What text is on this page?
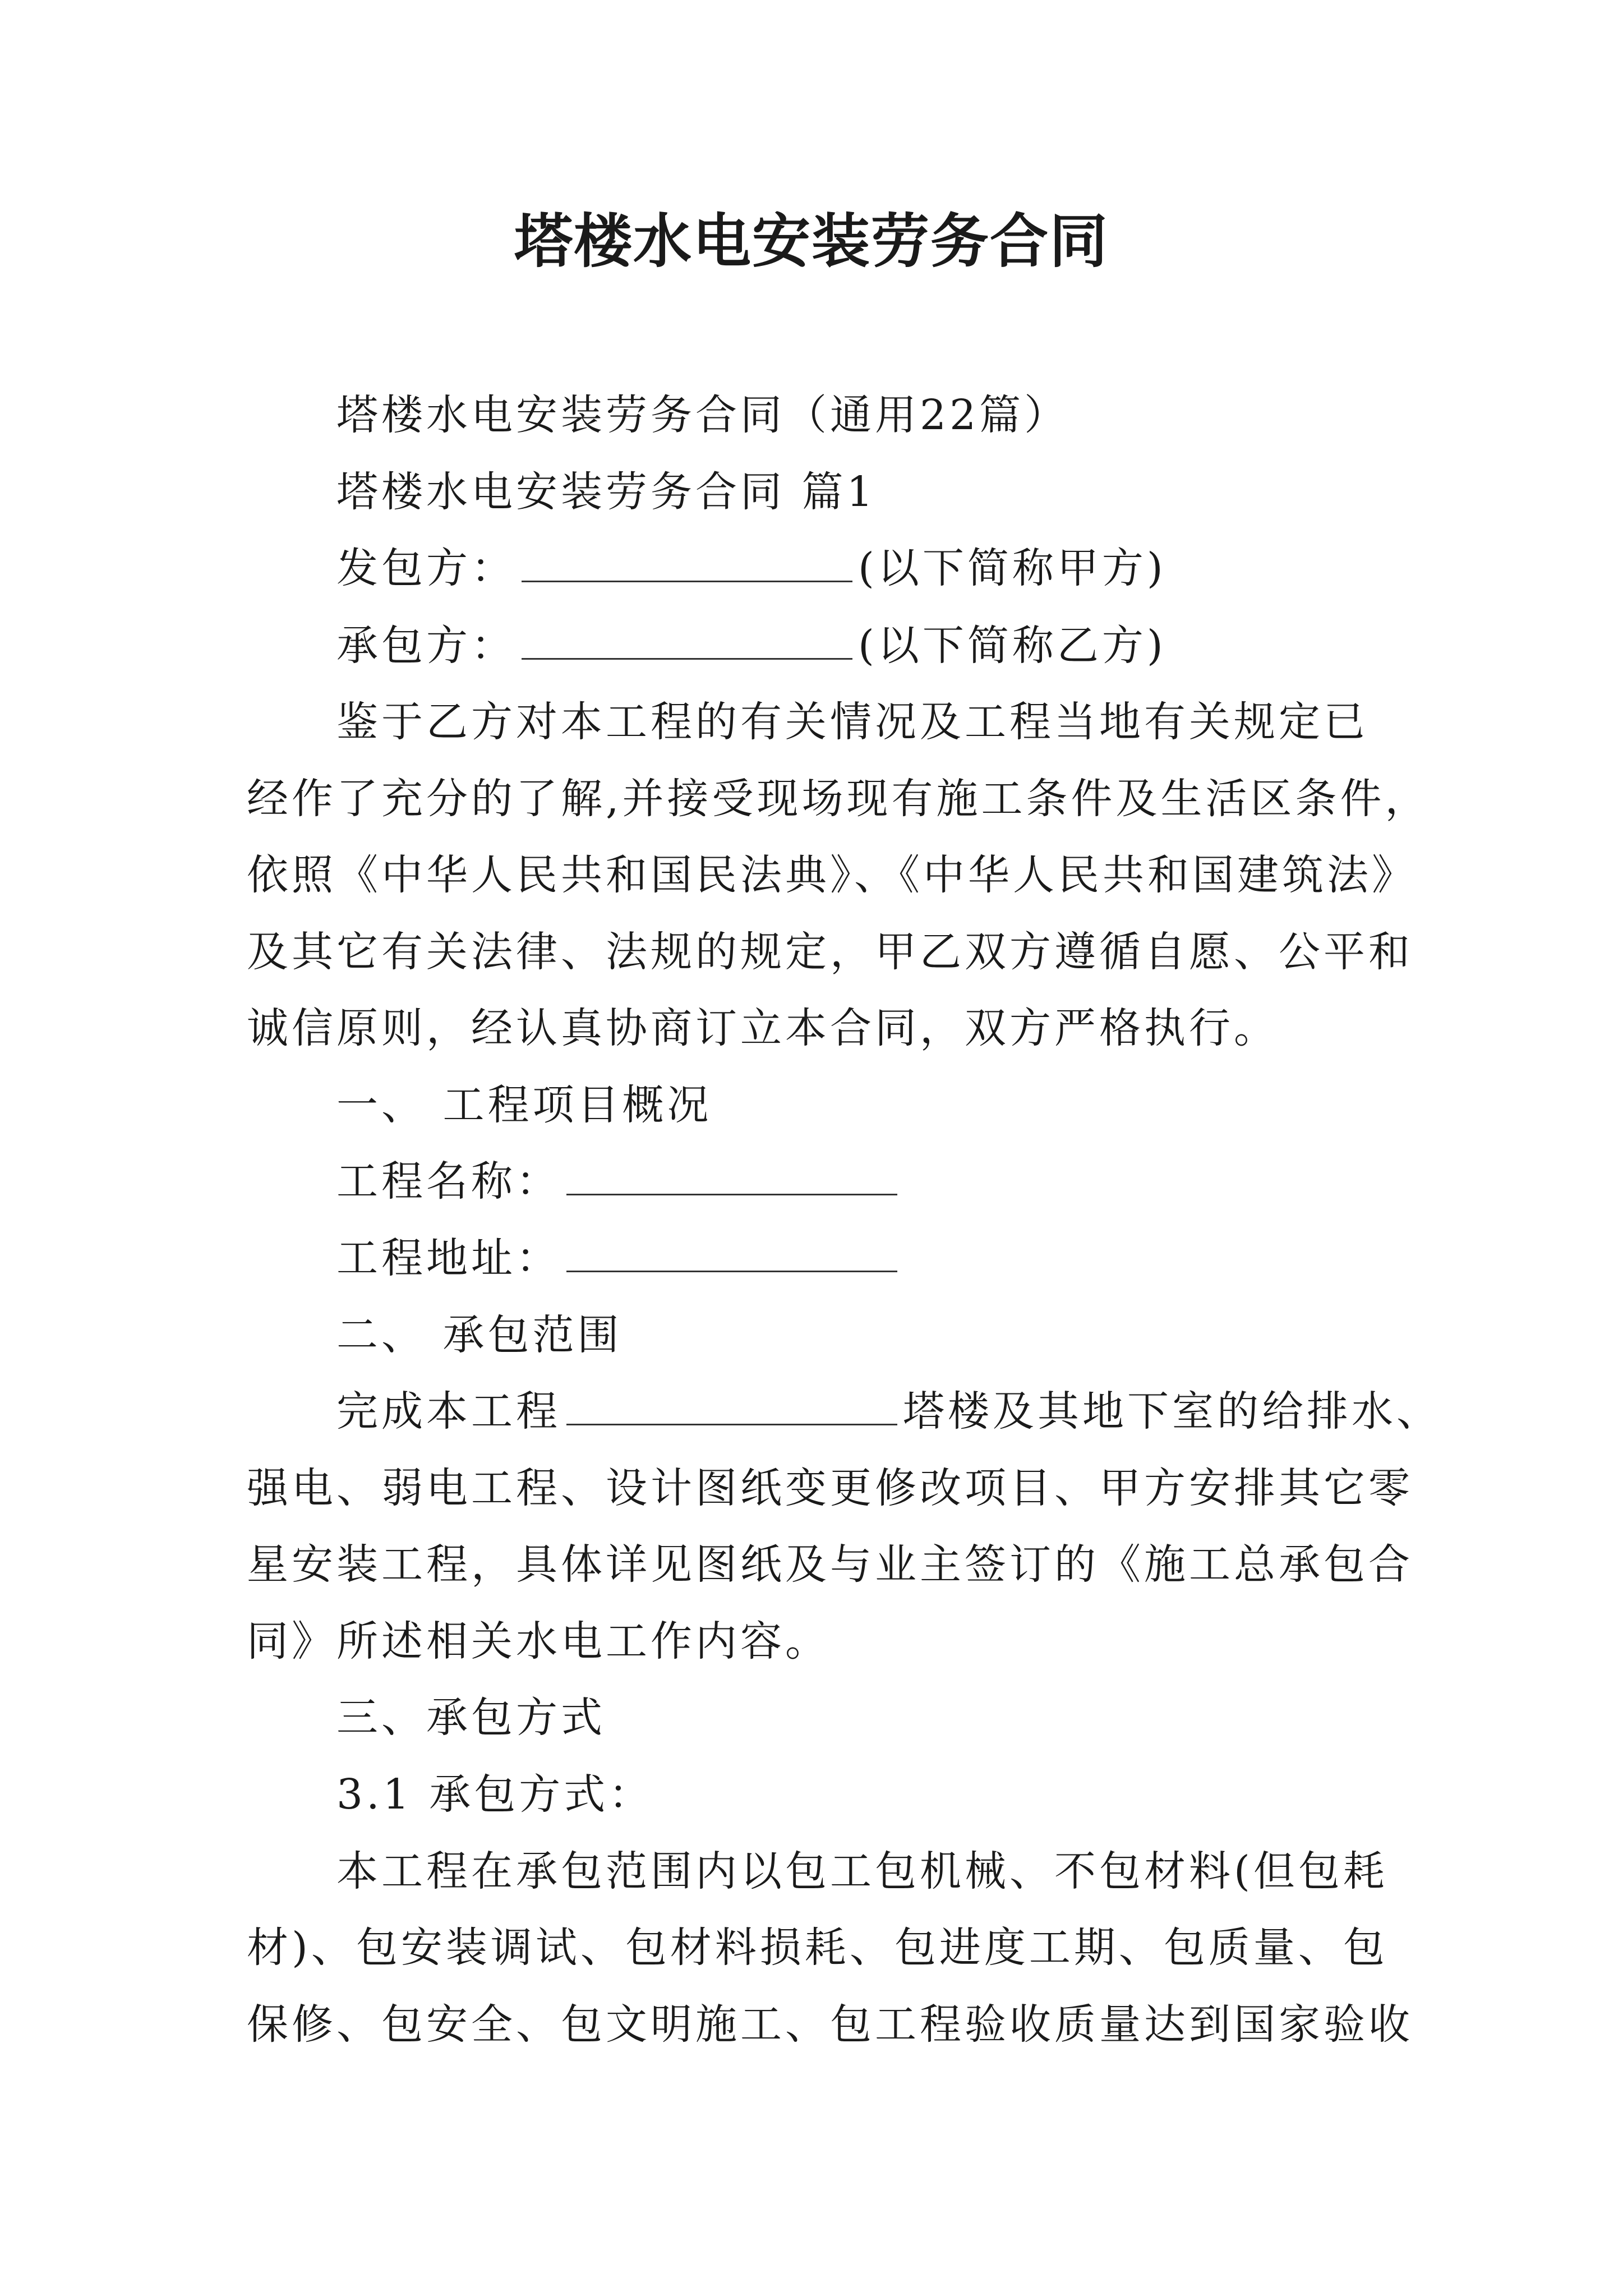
塔楼水电安装劳务合同
塔楼水电安装劳务合同（通用22篇）
塔楼水电安装劳务合同 篇1
发包方：	(以下简称甲方)
承包方：	(以下简称乙方)
鉴于乙方对本工程的有关情况及工程当地有关规定已
经作了充分的了解,并接受现场现有施工条件及生活区条件，
依照《中华人民共和国民法典》、《中华人民共和国建筑法》
及其它有关法律、法规的规定，甲乙双方遵循自愿、公平和
诚信原则，经认真协商订立本合同，双方严格执行。
一、 工程项目概况
工程名称：
工程地址：
二、 承包范围
完成本工程	塔楼及其地下室的给排水、
强电、弱电工程、设计图纸变更修改项目、甲方安排其它零
星安装工程，具体详见图纸及与业主签订的《施工总承包合
同》所述相关水电工作内容。
三、承包方式
3.1 承包方式：
本工程在承包范围内以包工包机械、不包材料(但包耗
材)、包安装调试、包材料损耗、包进度工期、包质量、包
保修、包安全、包文明施工、包工程验收质量达到国家验收
